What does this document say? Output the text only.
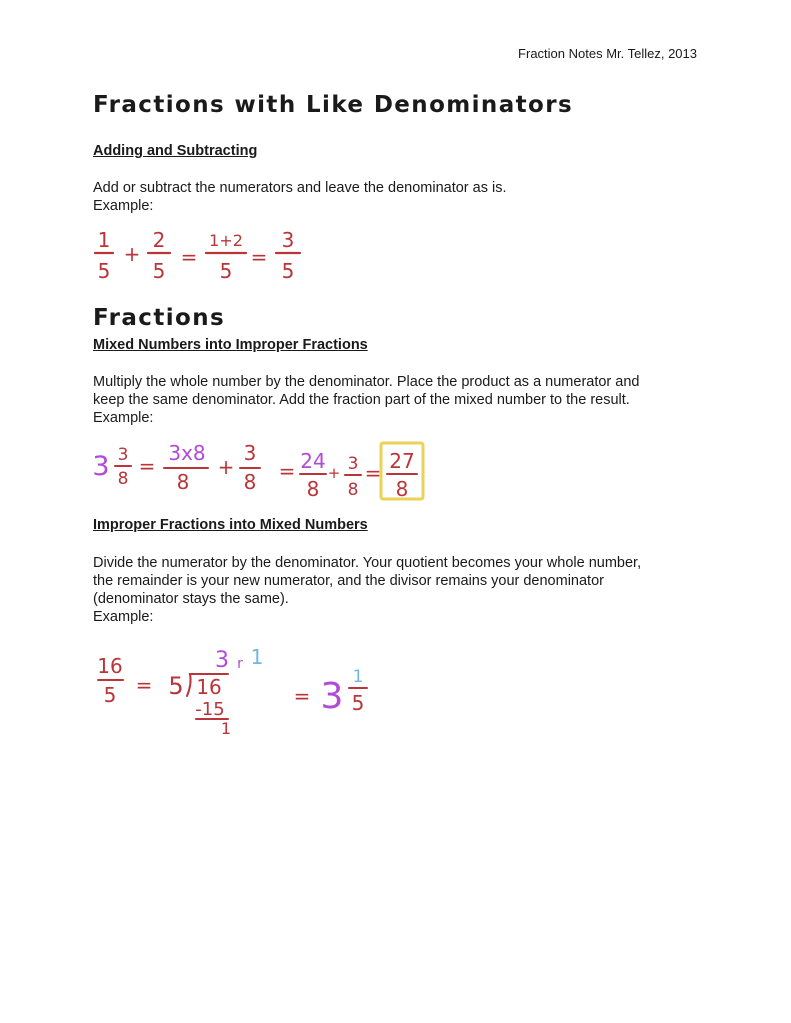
Fraction Notes Mr. Tellez, 2013
Fractions with Like Denominators
Adding and Subtracting

Add or subtract the numerators and leave the denominator as is.
Example:

1
5
+
2
5
=
1+2
5
=
3
5
Fractions
Mixed Numbers into Improper Fractions

Multiply the whole number by the denominator. Place the product as a numerator and
keep the same denominator. Add the fraction part of the mixed number to the result.
Example:

3 3
8
=
3x8
8
+
3
8 = 24
8
+ 3
8
= 27
8
Improper Fractions into Mixed Numbers

Divide the numerator by the denominator. Your quotient becomes your whole number,
the remainder is your new numerator, and the divisor remains your denominator
(denominator stays the same).
Example:

16
5 = 5 16
3 r 1
-15
1
= 3 1
5
